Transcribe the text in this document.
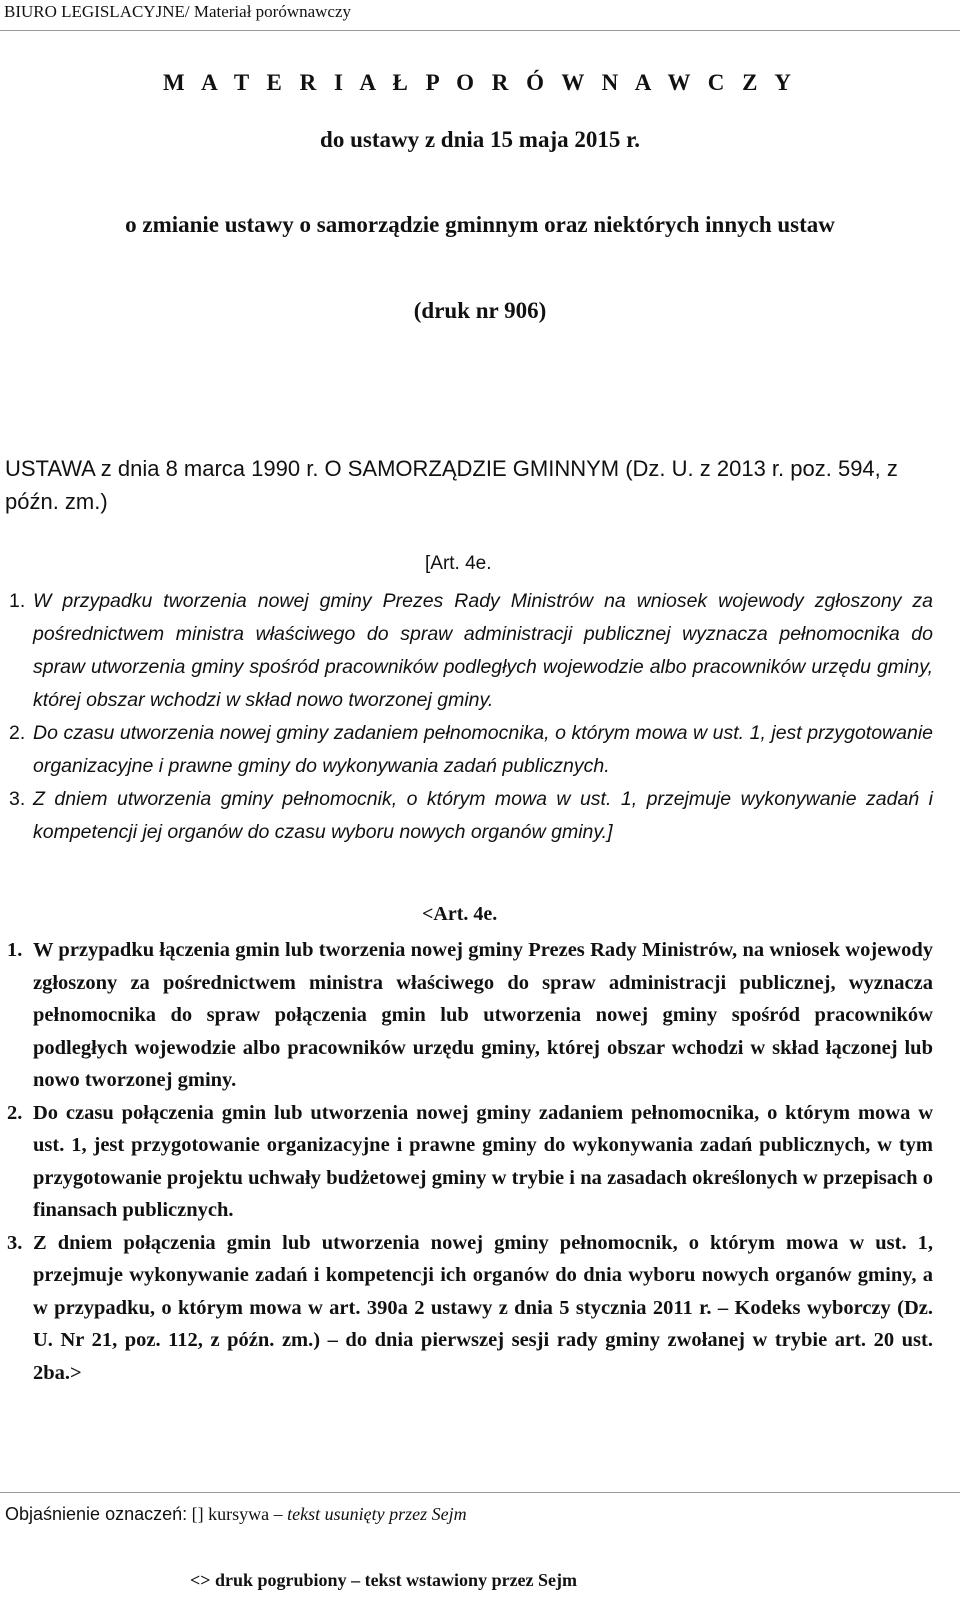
BIURO LEGISLACYJNE/ Materiał porównawczy
M A T E R I A Ł P O R Ó W N A W C Z Y
do ustawy z dnia 15 maja 2015 r.
o zmianie ustawy o samorządzie gminnym oraz niektórych innych ustaw
(druk nr 906)
USTAWA z dnia 8 marca 1990 r. O SAMORZĄDZIE GMINNYM (Dz. U. z 2013 r. poz. 594, z późn. zm.)
[Art. 4e.

1. W przypadku tworzenia nowej gminy Prezes Rady Ministrów na wniosek wojewody zgłoszony za pośrednictwem ministra właściwego do spraw administracji publicznej wyznacza pełnomocnika do spraw utworzenia gminy spośród pracowników podległych wojewodzie albo pracowników urzędu gminy, której obszar wchodzi w skład nowo tworzonej gminy.

2. Do czasu utworzenia nowej gminy zadaniem pełnomocnika, o którym mowa w ust. 1, jest przygotowanie organizacyjne i prawne gminy do wykonywania zadań publicznych.

3. Z dniem utworzenia gminy pełnomocnik, o którym mowa w ust. 1, przejmuje wykonywanie zadań i kompetencji jej organów do czasu wyboru nowych organów gminy.]

<Art. 4e.

1. W przypadku łączenia gmin lub tworzenia nowej gminy Prezes Rady Ministrów, na wniosek wojewody zgłoszony za pośrednictwem ministra właściwego do spraw administracji publicznej, wyznacza pełnomocnika do spraw połączenia gmin lub utworzenia nowej gminy spośród pracowników podległych wojewodzie albo pracowników urzędu gminy, której obszar wchodzi w skład łączonej lub nowo tworzonej gminy.

2. Do czasu połączenia gmin lub utworzenia nowej gminy zadaniem pełnomocnika, o którym mowa w ust. 1, jest przygotowanie organizacyjne i prawne gminy do wykonywania zadań publicznych, w tym przygotowanie projektu uchwały budżetowej gminy w trybie i na zasadach określonych w przepisach o finansach publicznych.

3. Z dniem połączenia gmin lub utworzenia nowej gminy pełnomocnik, o którym mowa w ust. 1, przejmuje wykonywanie zadań i kompetencji ich organów do dnia wyboru nowych organów gminy, a w przypadku, o którym mowa w art. 390a 2 ustawy z dnia 5 stycznia 2011 r. – Kodeks wyborczy (Dz. U. Nr 21, poz. 112, z późn. zm.) – do dnia pierwszej sesji rady gminy zwołanej w trybie art. 20 ust. 2ba.>

Objaśnienie oznaczeń: [] kursywa – tekst usunięty przez Sejm
<> druk pogrubiony – tekst wstawiony przez Sejm
